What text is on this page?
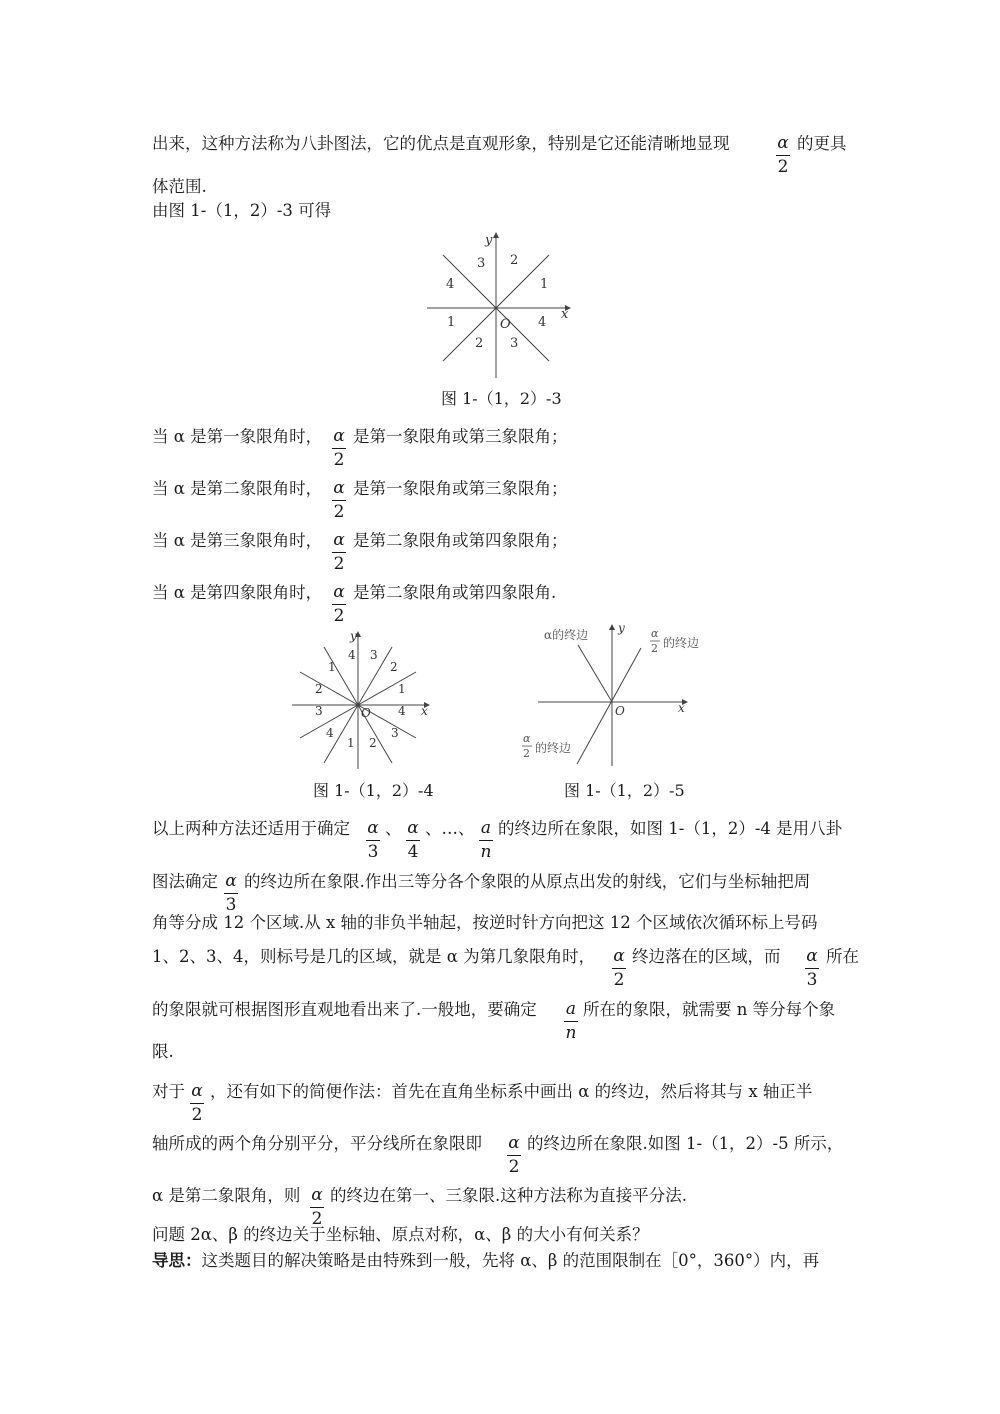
出来，这种方法称为八卦图法，它的优点是直观形象，特别是它还能清晰地显现	α
2
的更具
体范围.
由图 1-（1，2）-3 可得
x
y
O
3 2
4	1
1	4
2 3
图 1-（1，2）-3
当 α 是第一象限角时， α
2
是第一象限角或第三象限角；
当 α 是第二象限角时， α
2
是第一象限角或第三象限角；
当 α 是第三象限角时， α
2
是第二象限角或第四象限角；
当 α 是第四象限角时， α
2
是第二象限角或第四象限角.
x
y
O
4 3
1	2
2	1
3	4
4	3
1 2
图 1-（1，2）-4
x
y
O
α的终边	α
2 的终边
α
2 的终边
图 1-（1，2）-5
以上两种方法还适用于确定 α
3
、 α
4
、…、 a
n
的终边所在象限，如图 1-（1，2）-4 是用八卦
图法确定 α
3
的终边所在象限.作出三等分各个象限的从原点出发的射线，它们与坐标轴把周
角等分成 12 个区域.从 x 轴的非负半轴起，按逆时针方向把这 12 个区域依次循环标上号码
1、2、3、4，则标号是几的区域，就是 α 为第几象限角时， α
2
终边落在的区域，而 α
3
所在
的象限就可根据图形直观地看出来了.一般地，要确定 a
n
所在的象限，就需要 n 等分每个象
限.
对于 α
2
，还有如下的简便作法：首先在直角坐标系中画出 α 的终边，然后将其与 x 轴正半
轴所成的两个角分别平分，平分线所在象限即 α
2
的终边所在象限.如图 1-（1，2）-5 所示，
α 是第二象限角，则 α
2
的终边在第一、三象限.这种方法称为直接平分法.
问题 2α、β 的终边关于坐标轴、原点对称，α、β 的大小有何关系？
导思：这类题目的解决策略是由特殊到一般，先将 α、β 的范围限制在［0°，360°）内，再
